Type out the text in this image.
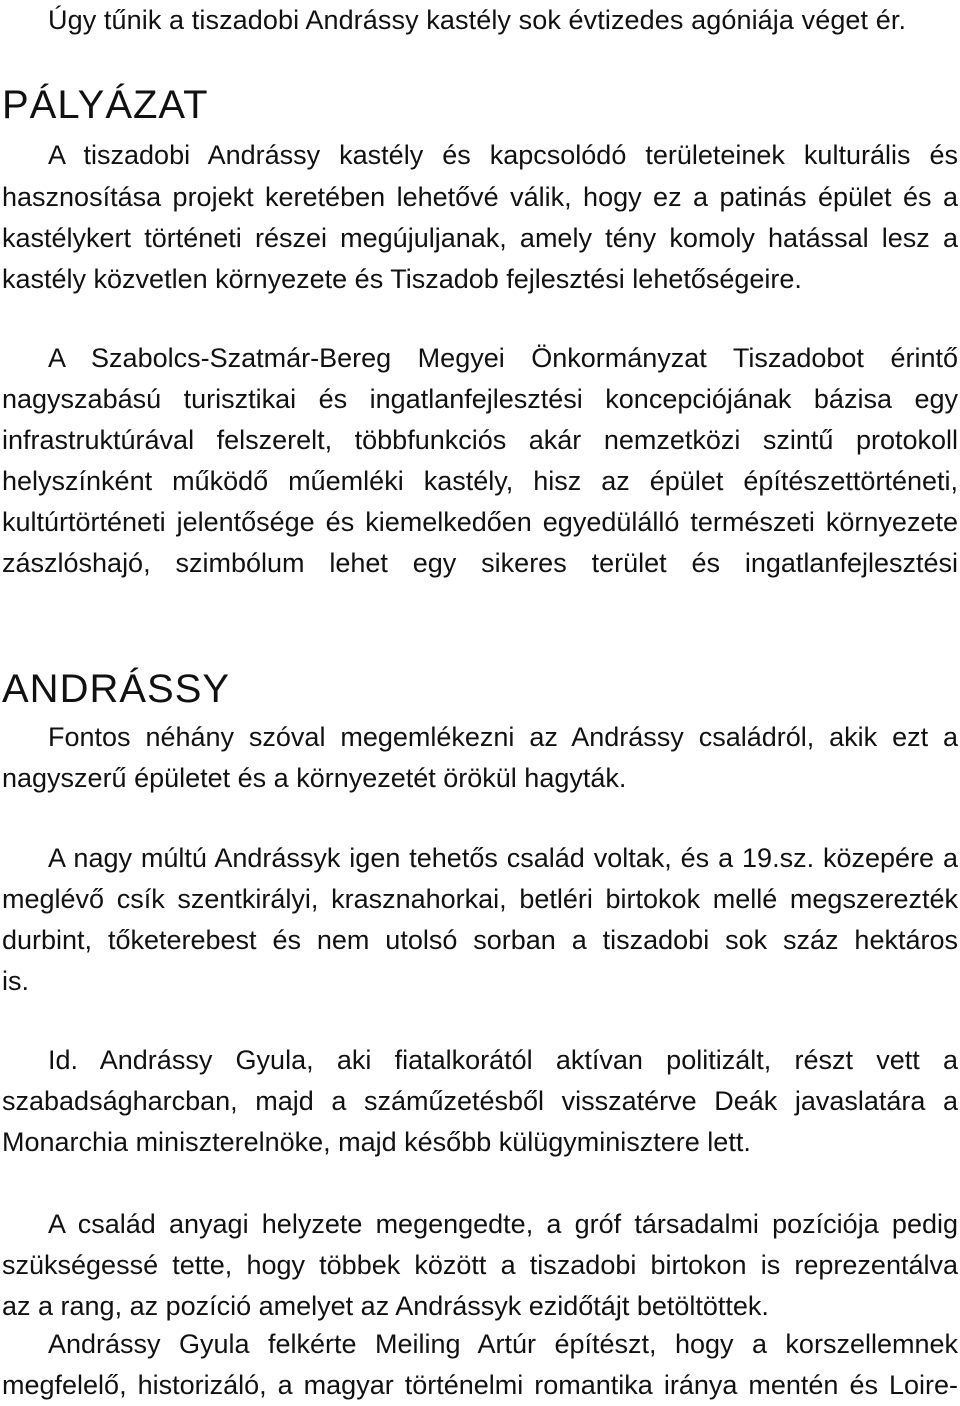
Úgy tűnik a tiszadobi Andrássy kastély sok évtizedes agóniája véget ér.

PÁLYÁZAT

A tiszadobi Andrássy kastély és kapcsolódó területeinek kulturális és

hasznosítása projekt keretében lehetővé válik, hogy ez a patinás épület és a

kastélykert történeti részei megújuljanak, amely tény komoly hatással lesz a

kastély közvetlen környezete és Tiszadob fejlesztési lehetőségeire.

A Szabolcs-Szatmár-Bereg Megyei Önkormányzat Tiszadobot érintő

nagyszabású turisztikai és ingatlanfejlesztési koncepciójának bázisa egy

infrastruktúrával felszerelt, többfunkciós akár nemzetközi szintű protokoll

helyszínként működő műemléki kastély, hisz az épület építészettörténeti,

kultúrtörténeti jelentősége és kiemelkedően egyedülálló természeti környezete

zászlóshajó, szimbólum lehet egy sikeres terület és ingatlanfejlesztési

ANDRÁSSY

Fontos néhány szóval megemlékezni az Andrássy családról, akik ezt a

nagyszerű épületet és a környezetét örökül hagyták.

A nagy múltú Andrássyk igen tehetős család voltak, és a 19.sz. közepére a

meglévő csík szentkirályi, krasznahorkai, betléri birtokok mellé megszerezték

durbint, tőketerebest és nem utolsó sorban a tiszadobi sok száz hektáros

is.

Id. Andrássy Gyula, aki fiatalkorától aktívan politizált, részt vett a

szabadságharcban, majd a száműzetésből visszatérve Deák javaslatára a

Monarchia miniszterelnöke, majd később külügyminisztere lett.

A család anyagi helyzete megengedte, a gróf társadalmi pozíciója pedig

szükségessé tette, hogy többek között a tiszadobi birtokon is reprezentálva

az a rang, az pozíció amelyet az Andrássyk ezidőtájt betöltöttek.

Andrássy Gyula felkérte Meiling Artúr építészt, hogy a korszellemnek

megfelelő, historizáló, a magyar történelmi romantika iránya mentén és Loire-
